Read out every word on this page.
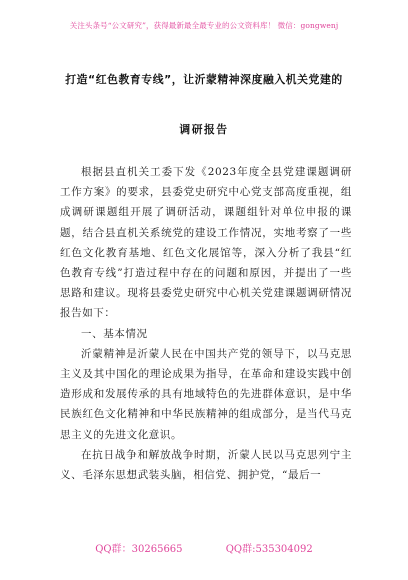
关注头条号“公文研究”，获得最新最全最专业的公文资料库！ 微信：gongwenj
打造“红色教育专线”，让沂蒙精神深度融入机关党建的
调研报告

根据县直机关工委下发《2023年度全县党建课题调研工作方案》的要求，县委党史研究中心党支部高度重视，组成调研课题组开展了调研活动，课题组针对单位申报的课题，结合县直机关系统党的建设工作情况，实地考察了一些红色文化教育基地、红色文化展馆等，深入分析了我县“红色教育专线”打造过程中存在的问题和原因，并提出了一些思路和建议。现将县委党史研究中心机关党建课题调研情况报告如下：

一、基本情况

沂蒙精神是沂蒙人民在中国共产党的领导下，以马克思主义及其中国化的理论成果为指导，在革命和建设实践中创造形成和发展传承的具有地域特色的先进群体意识，是中华民族红色文化精神和中华民族精神的组成部分，是当代马克思主义的先进文化意识。

在抗日战争和解放战争时期，沂蒙人民以马克思列宁主义、毛泽东思想武装头脑，相信党、拥护党，“最后一

QQ群：30265665	QQ群:535304092
